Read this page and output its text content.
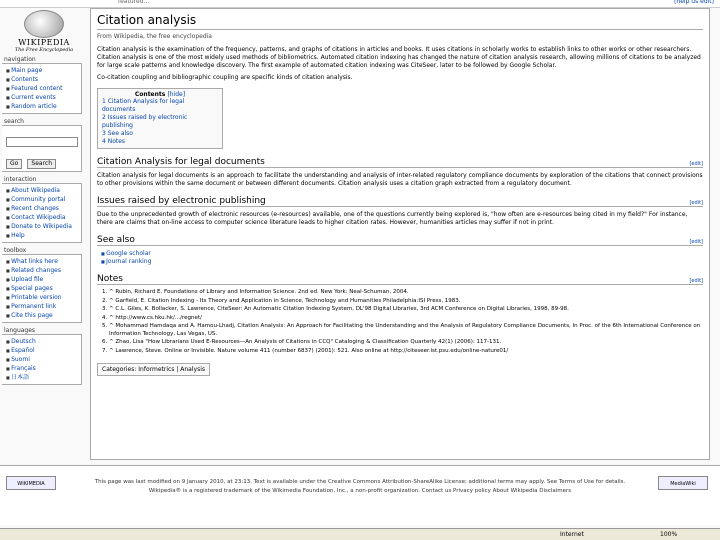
featured...	[help us edit]
WIKIPEDIA
The Free Encyclopedia
navigation
■ Main page
■ Contents
■ Featured content
■ Current events
■ Random article
search
Go Search
interaction
■ About Wikipedia
■ Community portal
■ Recent changes
■ Contact Wikipedia
■ Donate to Wikipedia
■ Help
toolbox
■ What links here
■ Related changes
■ Upload file
■ Special pages
■ Printable version
■ Permanent link
■ Cite this page
languages
■ Deutsch
■ Español
■ Suomi
■ Français
■ 日本語
Citation analysis
From Wikipedia, the free encyclopedia

Citation analysis is the examination of the frequency, patterns, and graphs of citations in articles and books. It uses citations in scholarly works to establish links to other works or other researchers. Citation analysis is one of the most widely used methods of bibliometrics. Automated citation indexing has changed the nature of citation analysis research, allowing millions of citations to be analyzed for large scale patterns and knowledge discovery. The first example of automated citation indexing was CiteSeer, later to be followed by Google Scholar.

Co-citation coupling and bibliographic coupling are specific kinds of citation analysis.

Contents [hide]
1 Citation Analysis for legal documents
2 Issues raised by electronic publishing
3 See also
4 Notes
Citation Analysis for legal documents	[edit]

Citation analysis for legal documents is an approach to facilitate the understanding and analysis of inter-related regulatory compliance documents by exploration of the citations that connect provisions to other provisions within the same document or between different documents. Citation analysis uses a citation graph extracted from a regulatory document.

Issues raised by electronic publishing	[edit]

Due to the unprecedented growth of electronic resources (e-resources) available, one of the questions currently being explored is, "how often are e-resources being cited in my field?" For instance, there are claims that on-line access to computer science literature leads to higher citation rates. However, humanities articles may suffer if not in print.

See also	[edit]
■ Google scholar
■ Journal ranking
Notes	[edit]
1. ^ Rubin, Richard E. Foundations of Library and Information Science. 2nd ed. New York: Neal-Schuman, 2004.
2. ^ Garfield, E. Citation Indexing - Its Theory and Application in Science, Technology and Humanities Philadelphia:ISI Press, 1983.
3. ^ C.L. Giles, K. Bollacker, S. Lawrence, CiteSeer: An Automatic Citation Indexing System, DL'98 Digital Libraries, 3rd ACM Conference on Digital Libraries, 1998, 89-98.
4. ^ http://www.cs.hku.hk/.../regnet/
5. ^ Mohammad Hamdaqa and A. Hamou-Lhadj, Citation Analysis: An Approach for Facilitating the Understanding and the Analysis of Regulatory Compliance Documents, In Proc. of the 6th International Conference on Information Technology, Las Vegas, US.
6. ^ Zhao, Lisa "How Librarians Used E-Resources—An Analysis of Citations in CCQ" Cataloging & Classification Quarterly 42(1) (2006): 117-131.
7. ^ Lawrence, Steve. Online or Invisible. Nature volume 411 (number 6837) (2001): 521. Also online at http://citeseer.ist.psu.edu/online-nature01/
Categories: Informetrics | Analysis
WIKIMEDIA	This page was last modified on 9 January 2010, at 23:13. Text is available under the Creative Commons Attribution-ShareAlike License; additional terms may apply. See Terms of Use for details.
Wikipedia® is a registered trademark of the Wikimedia Foundation, Inc., a non-profit organization. Contact us Privacy policy About Wikipedia Disclaimers
MediaWiki
Internet	100%
